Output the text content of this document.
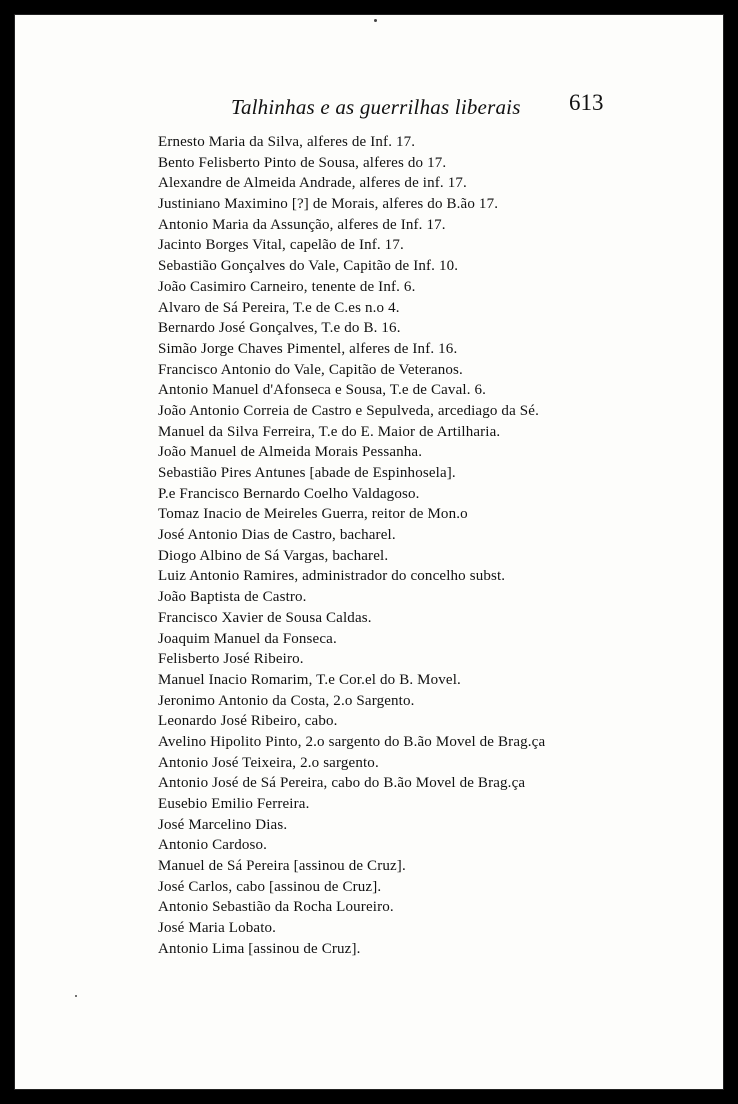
Talhinhas e as guerrilhas liberais 613
Ernesto Maria da Silva, alferes de Inf. 17.
Bento Felisberto Pinto de Sousa, alferes do 17.
Alexandre de Almeida Andrade, alferes de inf. 17.
Justiniano Maximino [?] de Morais, alferes do B.ão 17.
Antonio Maria da Assunção, alferes de Inf. 17.
Jacinto Borges Vital, capelão de Inf. 17.
Sebastião Gonçalves do Vale, Capitão de Inf. 10.
João Casimiro Carneiro, tenente de Inf. 6.
Alvaro de Sá Pereira, T.e de C.es n.o 4.
Bernardo José Gonçalves, T.e do B. 16.
Simão Jorge Chaves Pimentel, alferes de Inf. 16.
Francisco Antonio do Vale, Capitão de Veteranos.
Antonio Manuel d'Afonseca e Sousa, T.e de Caval. 6.
João Antonio Correia de Castro e Sepulveda, arcediago da Sé.
Manuel da Silva Ferreira, T.e do E. Maior de Artilharia.
João Manuel de Almeida Morais Pessanha.
Sebastião Pires Antunes [abade de Espinhosela].
P.e Francisco Bernardo Coelho Valdagoso.
Tomaz Inacio de Meireles Guerra, reitor de Mon.o
José Antonio Dias de Castro, bacharel.
Diogo Albino de Sá Vargas, bacharel.
Luiz Antonio Ramires, administrador do concelho subst.
João Baptista de Castro.
Francisco Xavier de Sousa Caldas.
Joaquim Manuel da Fonseca.
Felisberto José Ribeiro.
Manuel Inacio Romarim, T.e Cor.el do B. Movel.
Jeronimo Antonio da Costa, 2.o Sargento.
Leonardo José Ribeiro, cabo.
Avelino Hipolito Pinto, 2.o sargento do B.ão Movel de Brag.ça
Antonio José Teixeira, 2.o sargento.
Antonio José de Sá Pereira, cabo do B.ão Movel de Brag.ça
Eusebio Emilio Ferreira.
José Marcelino Dias.
Antonio Cardoso.
Manuel de Sá Pereira [assinou de Cruz].
José Carlos, cabo [assinou de Cruz].
Antonio Sebastião da Rocha Loureiro.
José Maria Lobato.
Antonio Lima [assinou de Cruz].
